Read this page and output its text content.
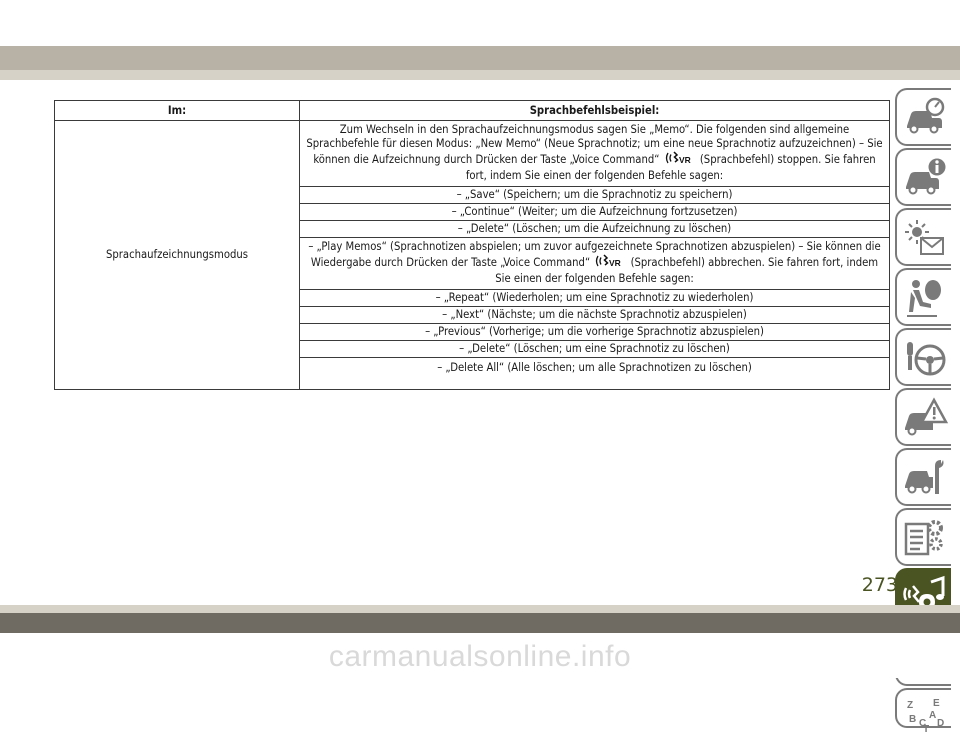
Im:	Sprachbefehlsbeispiel:
Sprachaufzeichnungsmodus	Zum Wechseln in den Sprachaufzeichnungsmodus sagen Sie „Memo“. Die folgenden sind allgemeine Sprachbefehle für diesen Modus: „New Memo“ (Neue Sprachnotiz; um eine neue Sprachnotiz aufzuzeichnen) – Sie können die Aufzeichnung durch Drücken der Taste „Voice Command“ VR (Sprachbefehl) stoppen. Sie fahren fort, indem Sie einen der folgenden Befehle sagen:
	– „Save“ (Speichern; um die Sprachnotiz zu speichern)
	– „Continue“ (Weiter; um die Aufzeichnung fortzusetzen)
	– „Delete“ (Löschen; um die Aufzeichnung zu löschen)
	– „Play Memos“ (Sprachnotizen abspielen; um zuvor aufgezeichnete Sprachnotizen abzuspielen) – Sie können die Wiedergabe durch Drücken der Taste „Voice Command“ VR (Sprachbefehl) abbrechen. Sie fahren fort, indem Sie einen der folgenden Befehle sagen:
	– „Repeat“ (Wiederholen; um eine Sprachnotiz zu wiederholen)
	– „Next“ (Nächste; um die nächste Sprachnotiz abzuspielen)
	– „Previous“ (Vorherige; um die vorherige Sprachnotiz abzuspielen)
	– „Delete“ (Löschen; um eine Sprachnotiz zu löschen)
	– „Delete All“ (Alle löschen; um alle Sprachnotizen zu löschen)
Z E
B A
C
T
D
273
carmanualsonline.info
